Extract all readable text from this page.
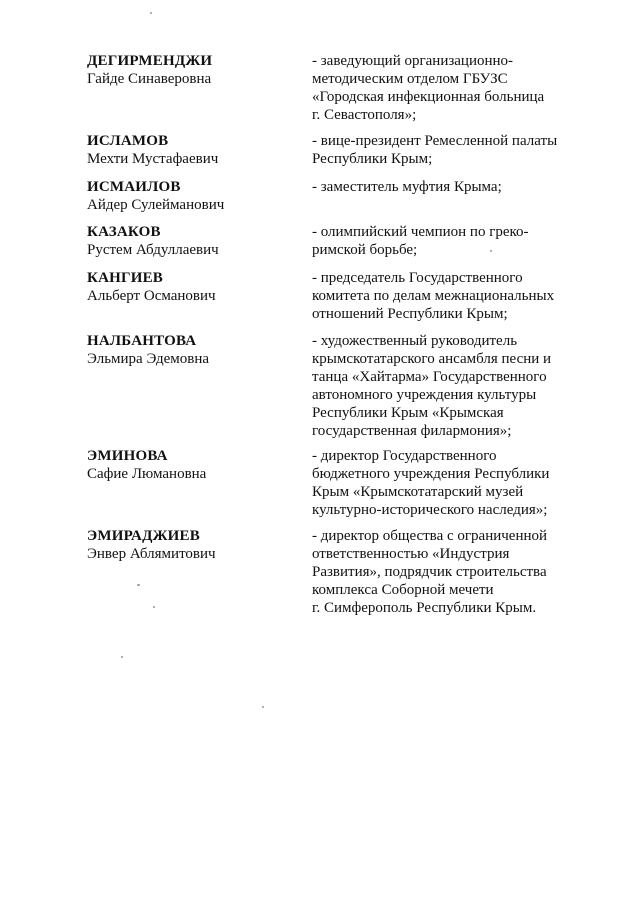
ДЕГИРМЕНДЖИ
Гайде Синаверовна
- заведующий организационно-
методическим отделом ГБУЗС
«Городская инфекционная больница
г. Севастополя»;
ИСЛАМОВ
Мехти Мустафаевич
- вице-президент Ремесленной палаты
Республики Крым;
ИСМАИЛОВ
Айдер Сулейманович
- заместитель муфтия Крыма;
КАЗАКОВ
Рустем Абдуллаевич
- олимпийский чемпион по греко-
римской борьбе;
КАНГИЕВ
Альберт Османович
- председатель Государственного
комитета по делам межнациональных
отношений Республики Крым;
НАЛБАНТОВА
Эльмира Эдемовна
- художественный руководитель
крымскотатарского ансамбля песни и
танца «Хайтарма» Государственного
автономного учреждения культуры
Республики Крым «Крымская
государственная филармония»;
ЭМИНОВА
Сафие Люмановна
- директор Государственного
бюджетного учреждения Республики
Крым «Крымскотатарский музей
культурно-исторического наследия»;
ЭМИРАДЖИЕВ
Энвер Аблямитович
- директор общества с ограниченной
ответственностью «Индустрия
Развития», подрядчик строительства
комплекса Соборной мечети
г. Симферополь Республики Крым.
